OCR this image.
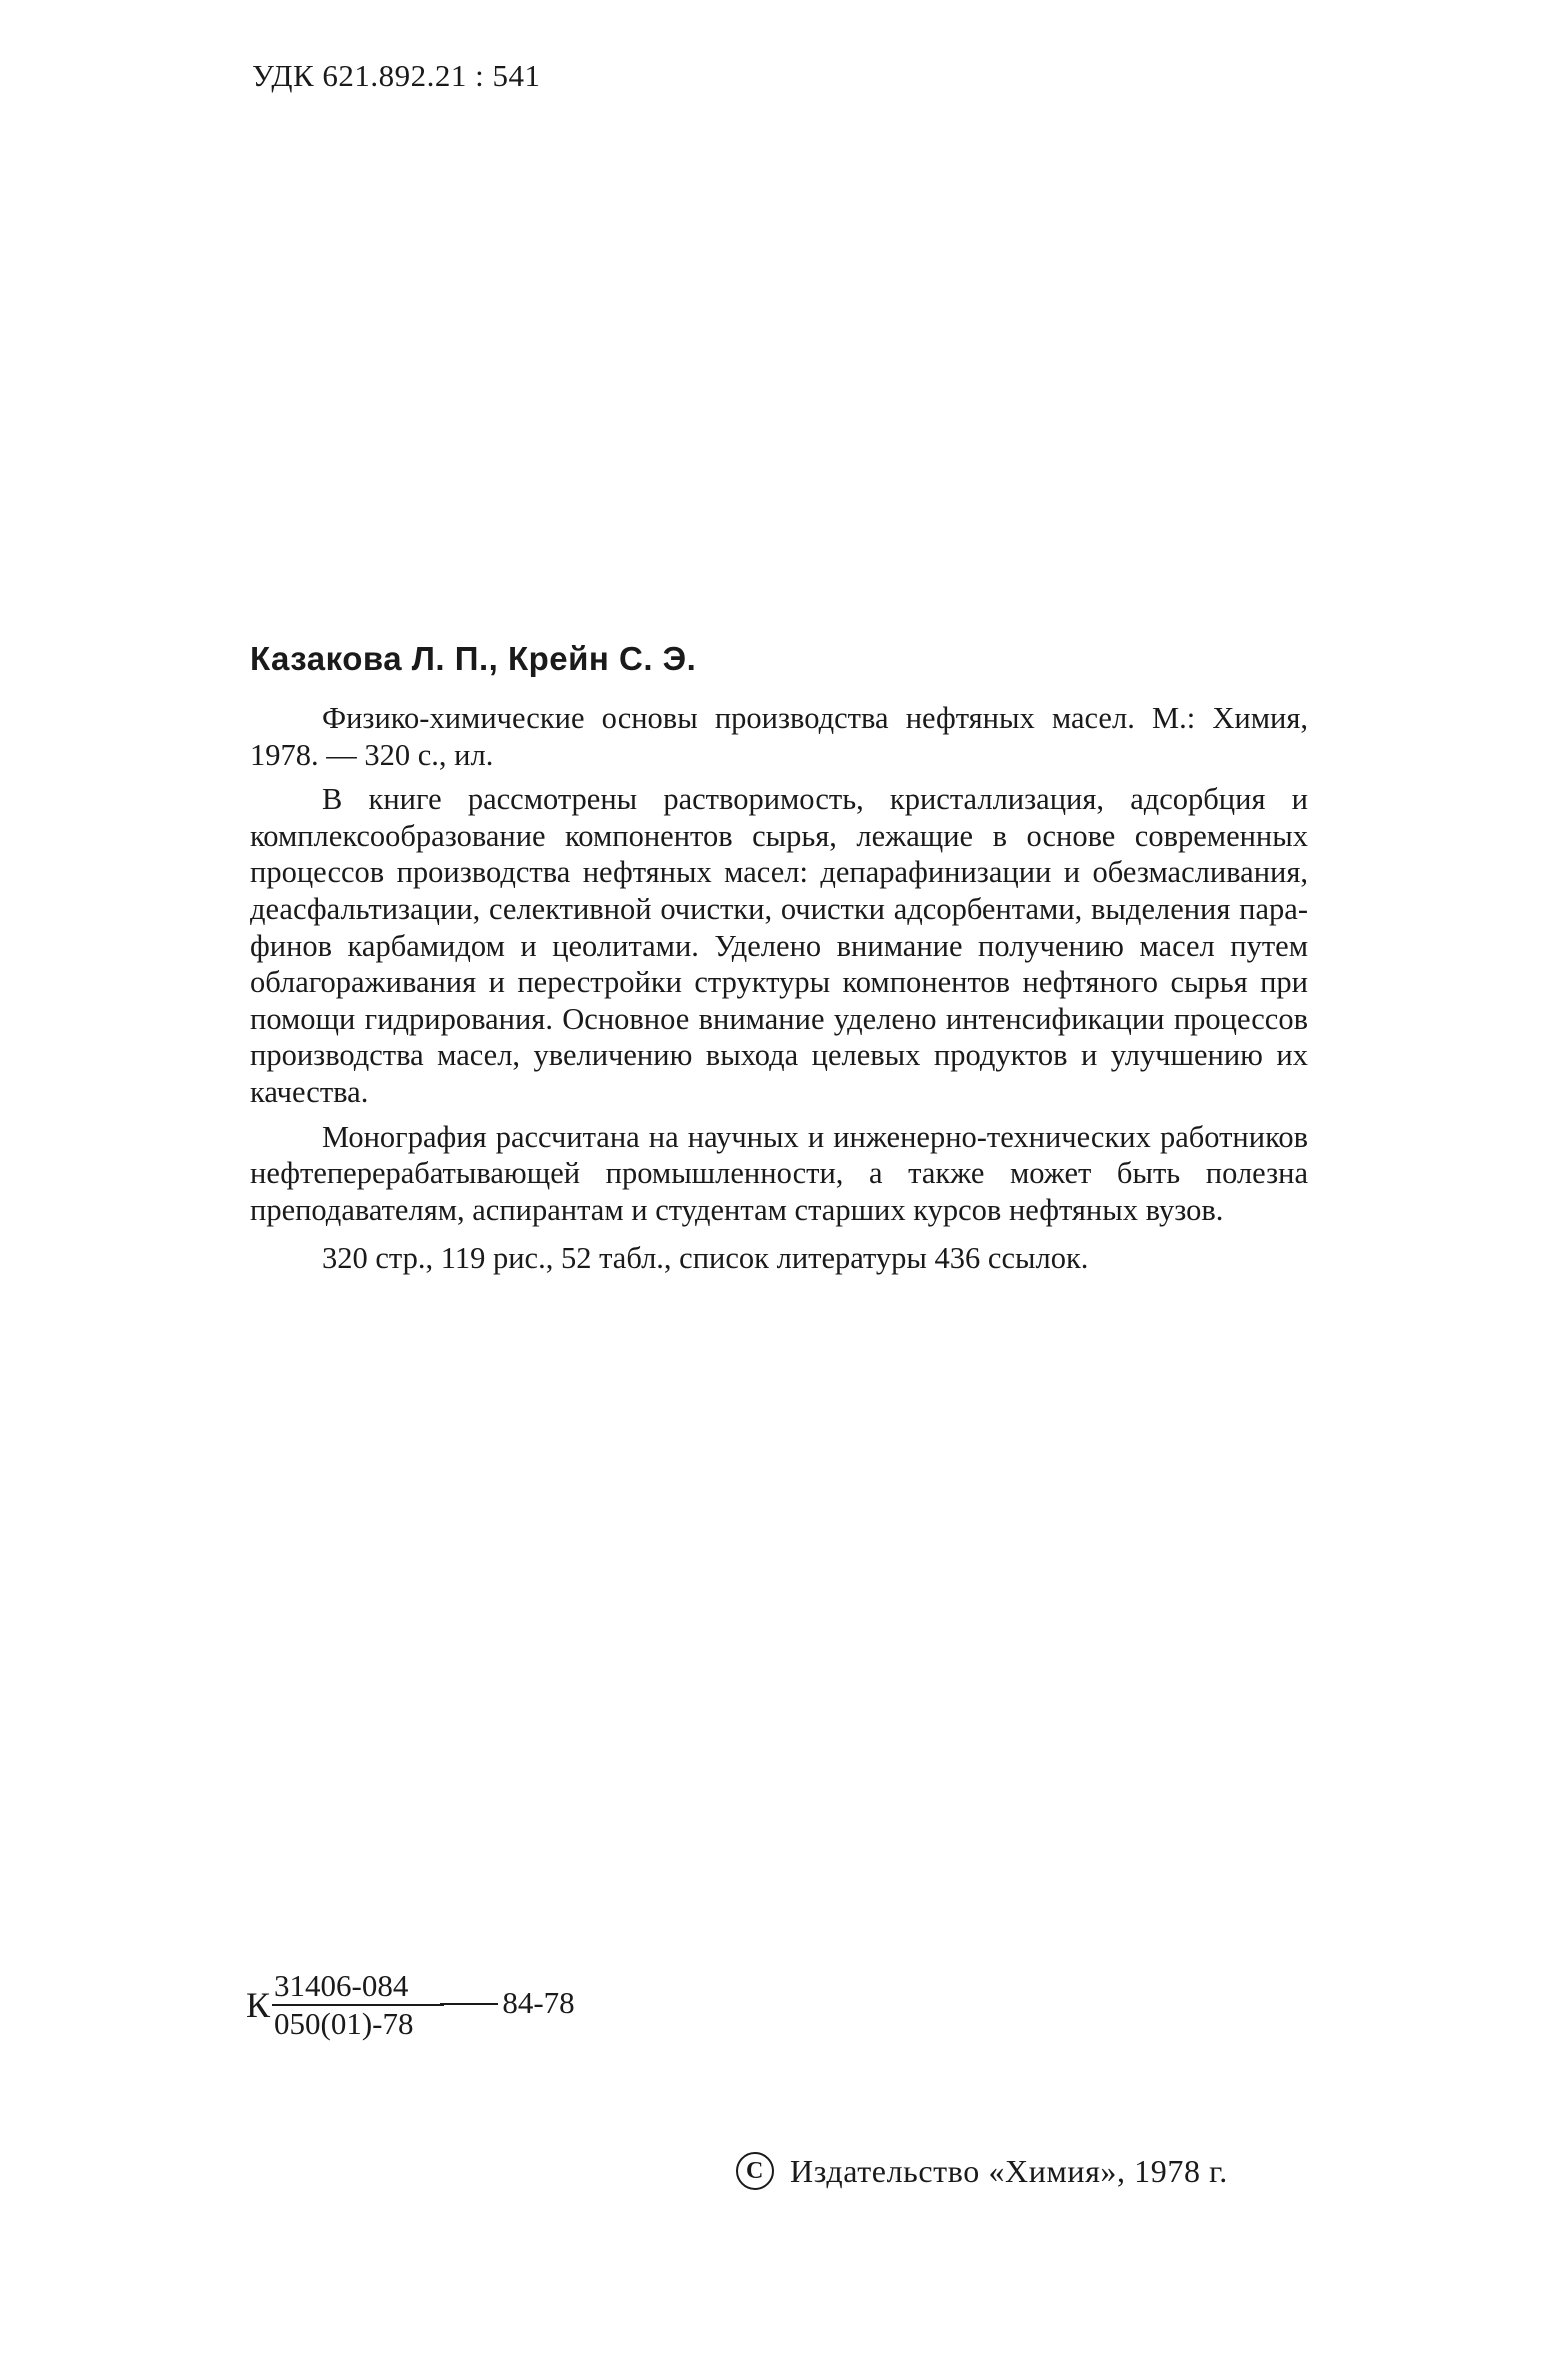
УДК 621.892.21 : 541
Казакова Л. П., Крейн С. Э.

Физико-химические основы производства нефтяных масел. М.: Химия, 1978. — 320 с., ил.

В книге рассмотрены растворимость, кристаллизация, адсорбция и комплексообразование компонентов сырья, лежащие в основе современных процессов производства нефтяных масел: депарафинизации и обезмасливания, деасфальтизации, селективной очистки, очистки адсорбентами, выделения парафинов карбамидом и цеолитами. Уделено внимание получению масел путем облагораживания и перестройки структуры компонентов нефтяного сырья при помощи гидрирования. Основное внимание уделено интенсификации процессов производства масел, увеличению выхода целевых продуктов и улучшению их качества.

Монография рассчитана на научных и инженерно-технических работников нефтеперерабатывающей промышленности, а также может быть полезна преподавателям, аспирантам и студентам старших курсов нефтяных вузов.

320 стр., 119 рис., 52 табл., список литературы 436 ссылок.

К $\frac{31406-084}{050(01)-78} 84-78$
C Издательство «Химия», 1978 г.
